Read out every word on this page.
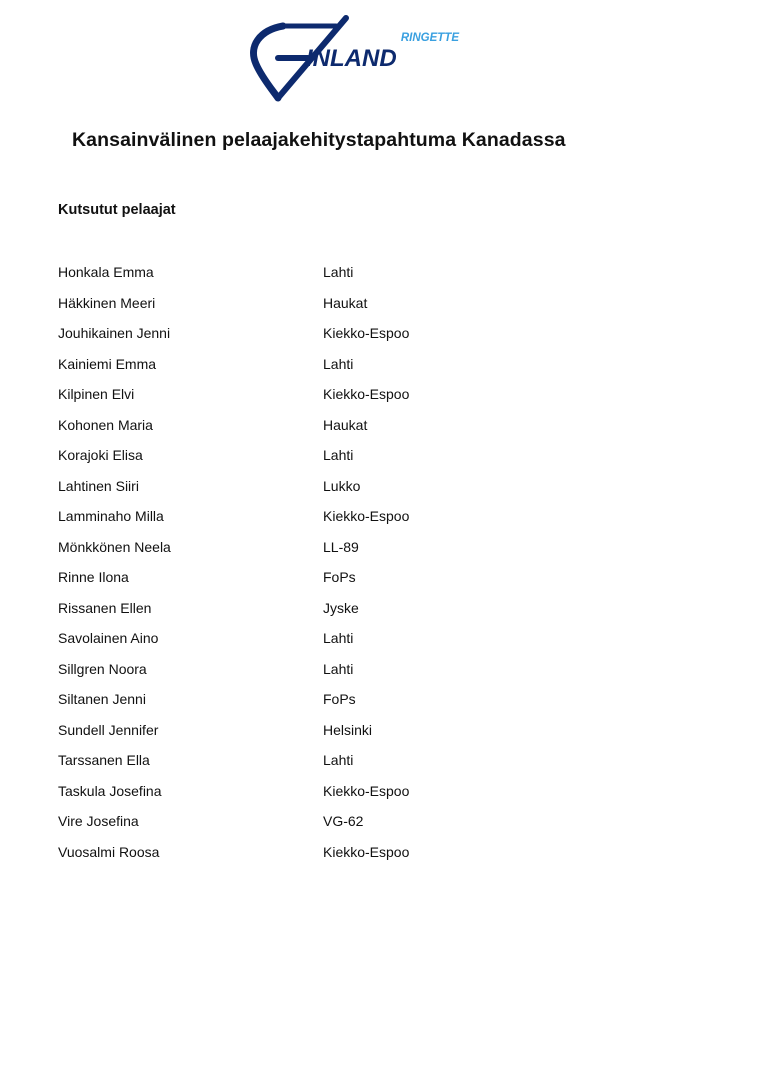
RINGETTE
INLAND
Kansainvälinen pelaajakehitystapahtuma Kanadassa
Kutsutut pelaajat
Honkala Emma	Lahti
Häkkinen Meeri	Haukat
Jouhikainen Jenni	Kiekko-Espoo
Kainiemi Emma	Lahti
Kilpinen Elvi	Kiekko-Espoo
Kohonen Maria	Haukat
Korajoki Elisa	Lahti
Lahtinen Siiri	Lukko
Lamminaho Milla	Kiekko-Espoo
Mönkkönen Neela	LL-89
Rinne Ilona	FoPs
Rissanen Ellen	Jyske
Savolainen Aino	Lahti
Sillgren Noora	Lahti
Siltanen Jenni	FoPs
Sundell Jennifer	Helsinki
Tarssanen Ella	Lahti
Taskula Josefina	Kiekko-Espoo
Vire Josefina	VG-62
Vuosalmi Roosa	Kiekko-Espoo
